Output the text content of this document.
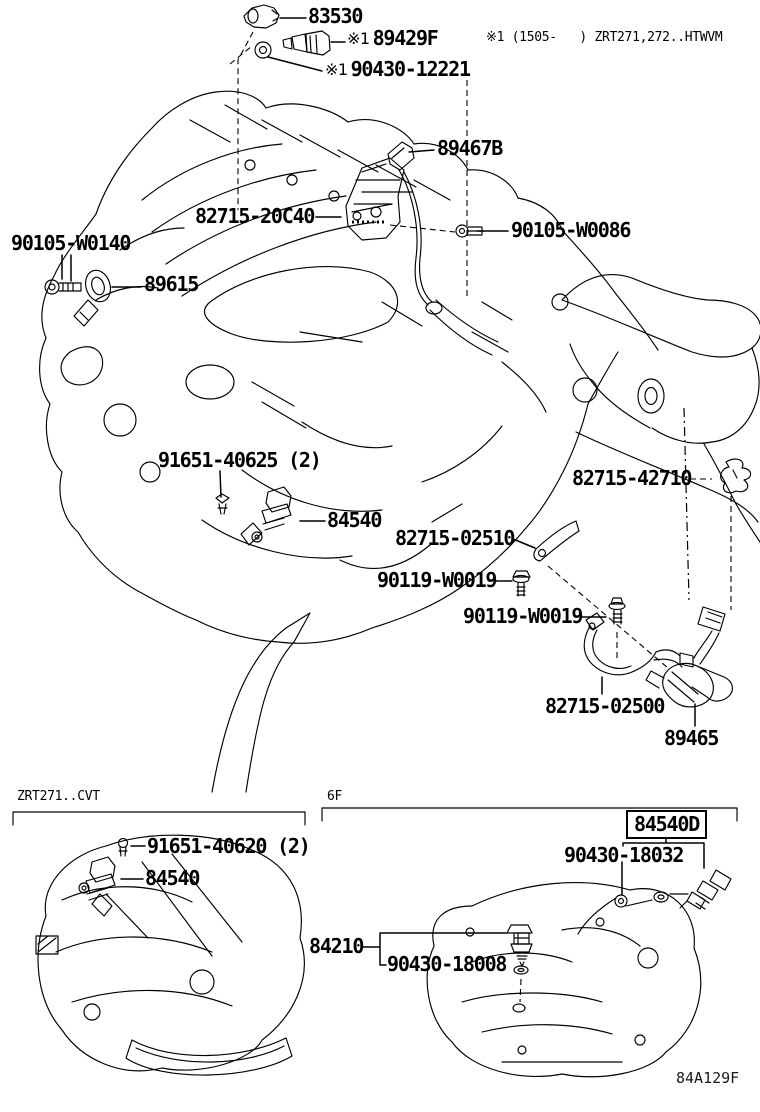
83530
※1 89429F
※1 90430-12221
※1 (1505-   ) ZRT271,272..HTWVM
89467B
82715-20C40
90105-W0086
90105-W0140
89615
91651-40625 (2)
84540
82715-02510
90119-W0019
82715-42710
90119-W0019
82715-02500
89465
ZRT271..CVT
91651-40620 (2)
84540
6F
84540D
90430-18032
84210
90430-18008
84A129F
